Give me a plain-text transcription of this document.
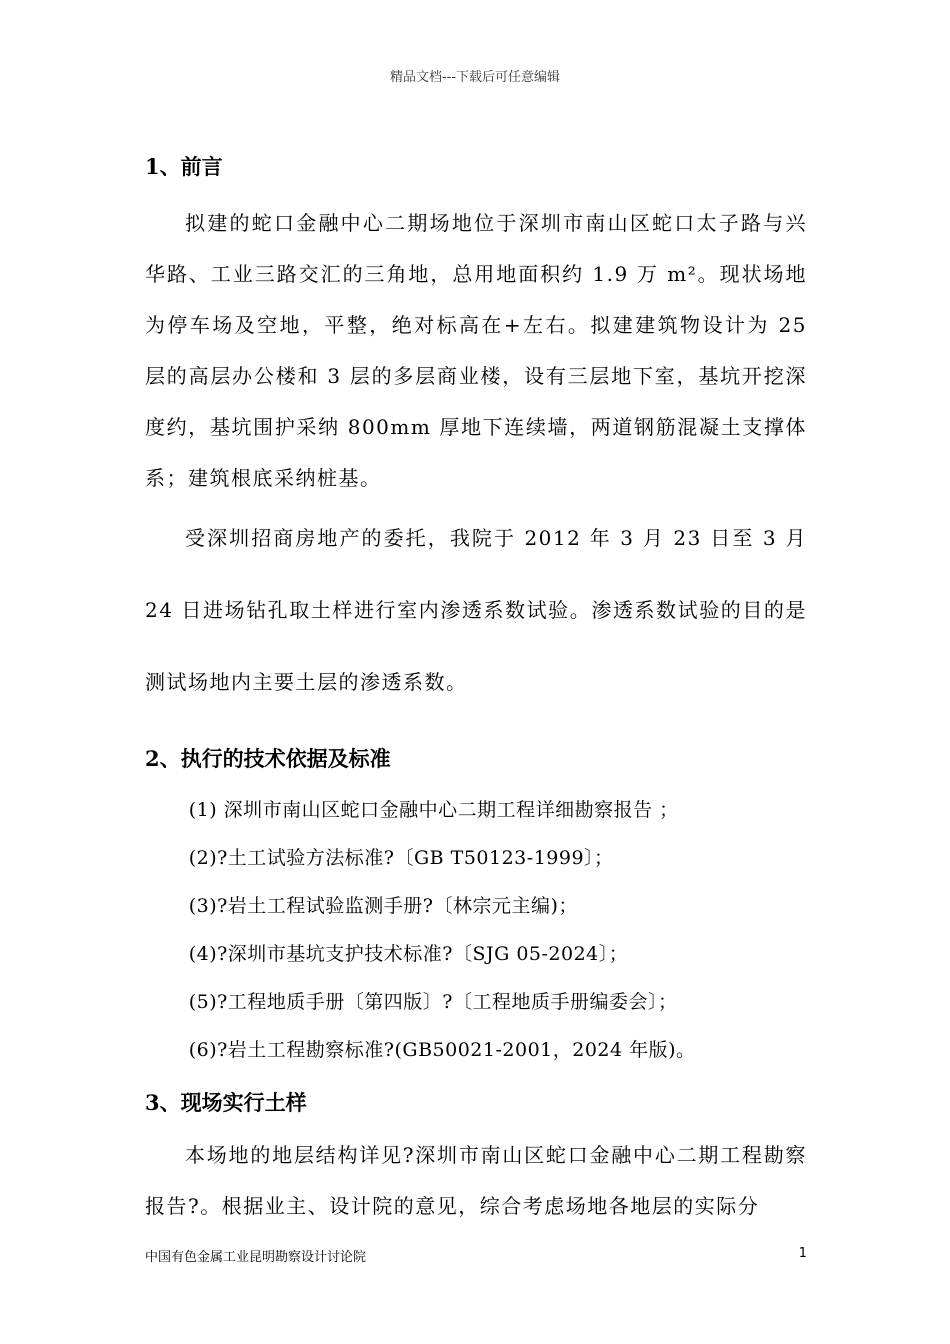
精品文档---下载后可任意编辑
1、前言

拟建的蛇口金融中心二期场地位于深圳市南山区蛇口太子路与兴华路、工业三路交汇的三角地，总用地面积约 1.9 万 m²。现状场地为停车场及空地，平整，绝对标高在+左右。拟建建筑物设计为 25 层的高层办公楼和 3 层的多层商业楼，设有三层地下室，基坑开挖深度约，基坑围护采纳 800mm 厚地下连续墙，两道钢筋混凝土支撑体系；建筑根底采纳桩基。

受深圳招商房地产的委托，我院于 2012 年 3 月 23 日至 3 月 24 日进场钻孔取土样进行室内渗透系数试验。渗透系数试验的目的是测试场地内主要土层的渗透系数。

2、执行的技术依据及标准
(1) 深圳市南山区蛇口金融中心二期工程详细勘察报告 ；
(2)?土工试验方法标准?〔GB T50123-1999〕；
(3)?岩土工程试验监测手册?〔林宗元主编)；
(4)?深圳市基坑支护技术标准?〔SJG 05-2024〕；
(5)?工程地质手册〔第四版〕?〔工程地质手册编委会〕；
(6)?岩土工程勘察标准?(GB50021-2001，2024 年版)。
3、现场实行土样

本场地的地层结构详见?深圳市南山区蛇口金融中心二期工程勘察报告?。根据业主、设计院的意见，综合考虑场地各地层的实际分

中国有色金属工业昆明勘察设计讨论院	1
